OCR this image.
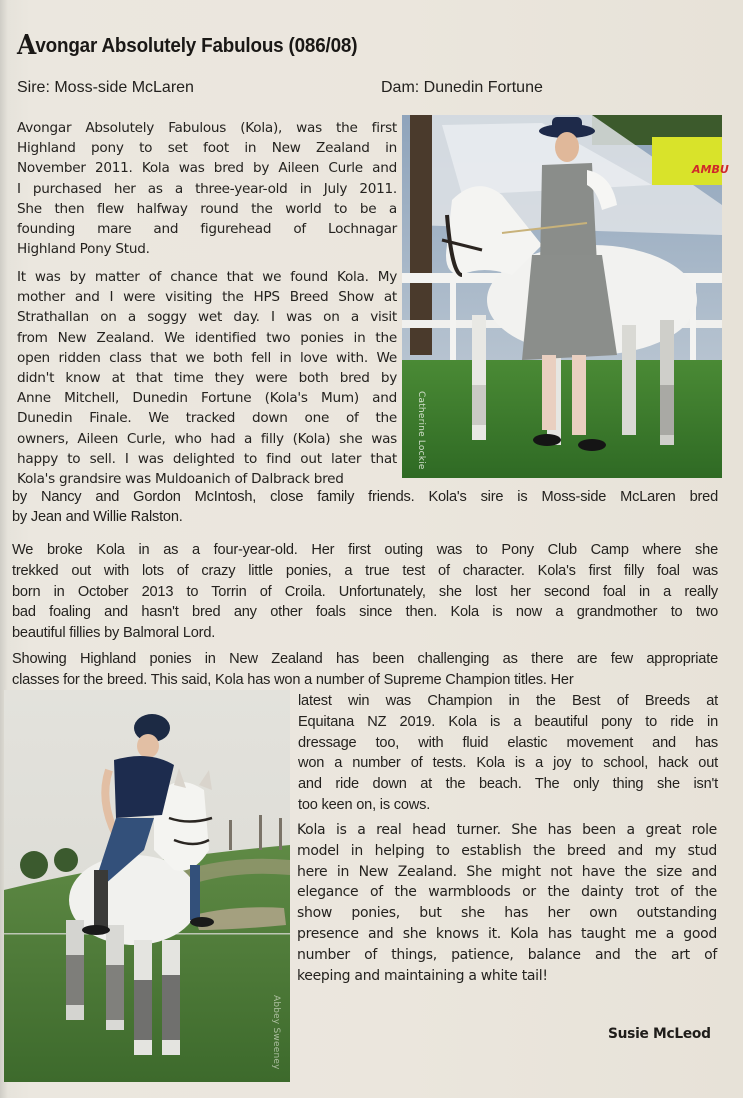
Avongar Absolutely Fabulous (086/08)
Sire: Moss-side McLaren	Dam: Dunedin Fortune
Avongar Absolutely Fabulous (Kola), was the first
Highland pony to set foot in New Zealand in
November 2011. Kola was bred by Aileen Curle and
I purchased her as a three-year-old in July 2011.
She then flew halfway round the world to be a
founding mare and figurehead of Lochnagar
Highland Pony Stud.
It was by matter of chance that we found Kola. My
mother and I were visiting the HPS Breed Show at
Strathallan on a soggy wet day. I was on a visit
from New Zealand. We identified two ponies in the
open ridden class that we both fell in love with. We
didn't know at that time they were both bred by
Anne Mitchell, Dunedin Fortune (Kola's Mum) and
Dunedin Finale. We tracked down one of the
owners, Aileen Curle, who had a filly (Kola) she was
happy to sell. I was delighted to find out later that
Kola's grandsire was Muldoanich of Dalbrack bred
by Nancy and Gordon McIntosh, close family friends. Kola's sire is Moss-side McLaren bred
by Jean and Willie Ralston.
We broke Kola in as a four-year-old. Her first outing was to Pony Club Camp where she
trekked out with lots of crazy little ponies, a true test of character. Kola's first filly foal was
born in October 2013 to Torrin of Croila. Unfortunately, she lost her second foal in a really
bad foaling and hasn't bred any other foals since then. Kola is now a grandmother to two
beautiful fillies by Balmoral Lord.
Showing Highland ponies in New Zealand has been challenging as there are few appropriate
classes for the breed. This said, Kola has won a number of Supreme Champion titles. Her
latest win was Champion in the Best of Breeds at
Equitana NZ 2019. Kola is a beautiful pony to ride in
dressage too, with fluid elastic movement and has
won a number of tests. Kola is a joy to school, hack out
and ride down at the beach. The only thing she isn't
too keen on, is cows.
Kola is a real head turner. She has been a great role
model in helping to establish the breed and my stud
here in New Zealand. She might not have the size and
elegance of the warmbloods or the dainty trot of the
show ponies, but she has her own outstanding
presence and she knows it. Kola has taught me a good
number of things, patience, balance and the art of
keeping and maintaining a white tail!
Susie McLeod
AMBU
Catherine Lockie
Abbey Sweeney
